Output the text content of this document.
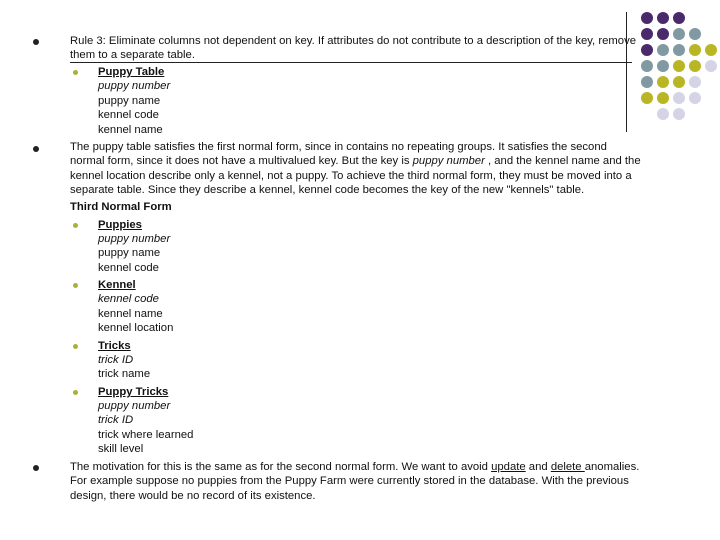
Rule 3: Eliminate columns not dependent on key. If attributes do not contribute to a description of the key, remove
them to a separate table.
Puppy Table
puppy number
puppy name
kennel code
kennel name
The puppy table satisfies the first normal form, since in contains no repeating groups. It satisfies the second
normal form, since it does not have a multivalued key. But the key is puppy number , and the kennel name and the
kennel location describe only a kennel, not a puppy. To achieve the third normal form, they must be moved into a
separate table. Since they describe a kennel, kennel code becomes the key of the new "kennels" table.
Third Normal Form
Puppies
puppy number
puppy name
kennel code
Kennel
kennel code
kennel name
kennel location
Tricks
trick ID
trick name
Puppy Tricks
puppy number
trick ID
trick where learned
skill level
The motivation for this is the same as for the second normal form. We want to avoid update and delete anomalies.
For example suppose no puppies from the Puppy Farm were currently stored in the database. With the previous
design, there would be no record of its existence.
